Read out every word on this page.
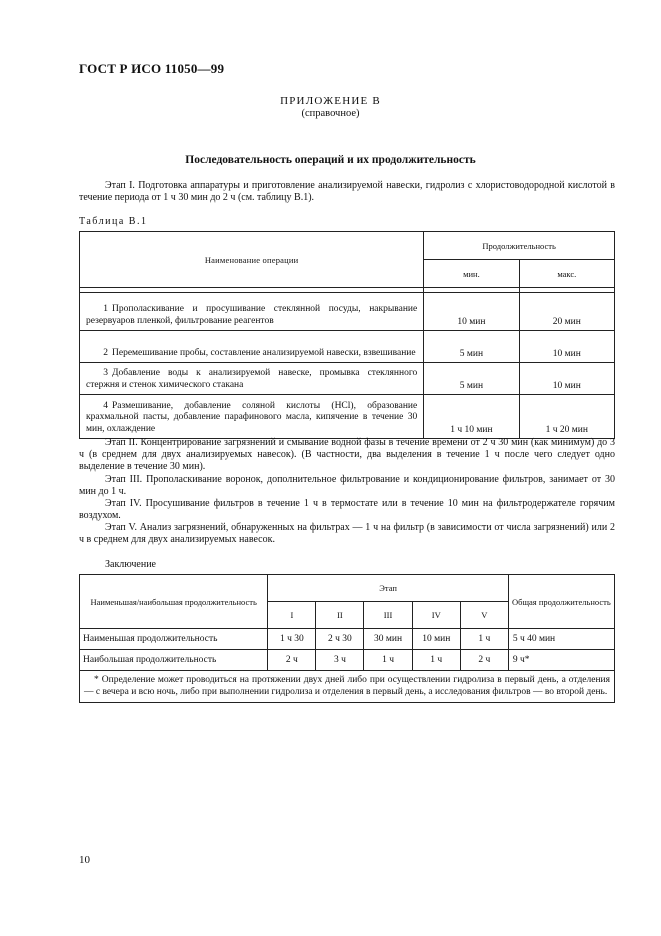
ГОСТ Р ИСО 11050—99
ПРИЛОЖЕНИЕ В
(справочное)
Последовательность операций и их продолжительность

Этап I. Подготовка аппаратуры и приготовление анализируемой навески, гидролиз с хлористоводородной кислотой в течение периода от 1 ч 30 мин до 2 ч (см. таблицу В.1).

Таблица В.1
Наименование операции	Продолжительность	
	мин.	макс.

1 Прополаскивание и просушивание стеклянной посуды, накрывание резервуаров пленкой, фильтрование реагентов	10 мин	20 мин
2 Перемешивание пробы, составление анализируемой навески, взвешивание	5 мин	10 мин
3 Добавление воды к анализируемой навеске, промывка стеклянного стержня и стенок химического стакана	5 мин	10 мин
4 Размешивание, добавление соляной кислоты (HCl), образование крахмальной пасты, добавление парафинового масла, кипячение в течение 30 мин, охлаждение	1 ч 10 мин	1 ч 20 мин

Этап II. Концентрирование загрязнений и смывание водной фазы в течение времени от 2 ч 30 мин (как минимум) до 3 ч (в среднем для двух анализируемых навесок). (В частности, два выделения в течение 1 ч после чего следует одно выделение в течение 30 мин).

Этап III. Прополаскивание воронок, дополнительное фильтрование и кондиционирование фильтров, занимает от 30 мин до 1 ч.

Этап IV. Просушивание фильтров в течение 1 ч в термостате или в течение 10 мин на фильтродержателе горячим воздухом.

Этап V. Анализ загрязнений, обнаруженных на фильтрах — 1 ч на фильтр (в зависимости от числа загрязнений) или 2 ч в среднем для двух анализируемых навесок.

Заключение
Наименьшая/наибольшая продолжительность	Этап					Общая продолжительность
	I	II	III	IV	V	
Наименьшая продолжительность	1 ч 30	2 ч 30	30 мин	10 мин	1 ч	5 ч 40 мин
Наибольшая продолжительность	2 ч	3 ч	1 ч	1 ч	2 ч	9 ч*
* Определение может проводиться на протяжении двух дней либо при осуществлении гидролиза в первый день, а отделения — с вечера и всю ночь, либо при выполнении гидролиза и отделения в первый день, а исследования фильтров — во второй день.						
10
